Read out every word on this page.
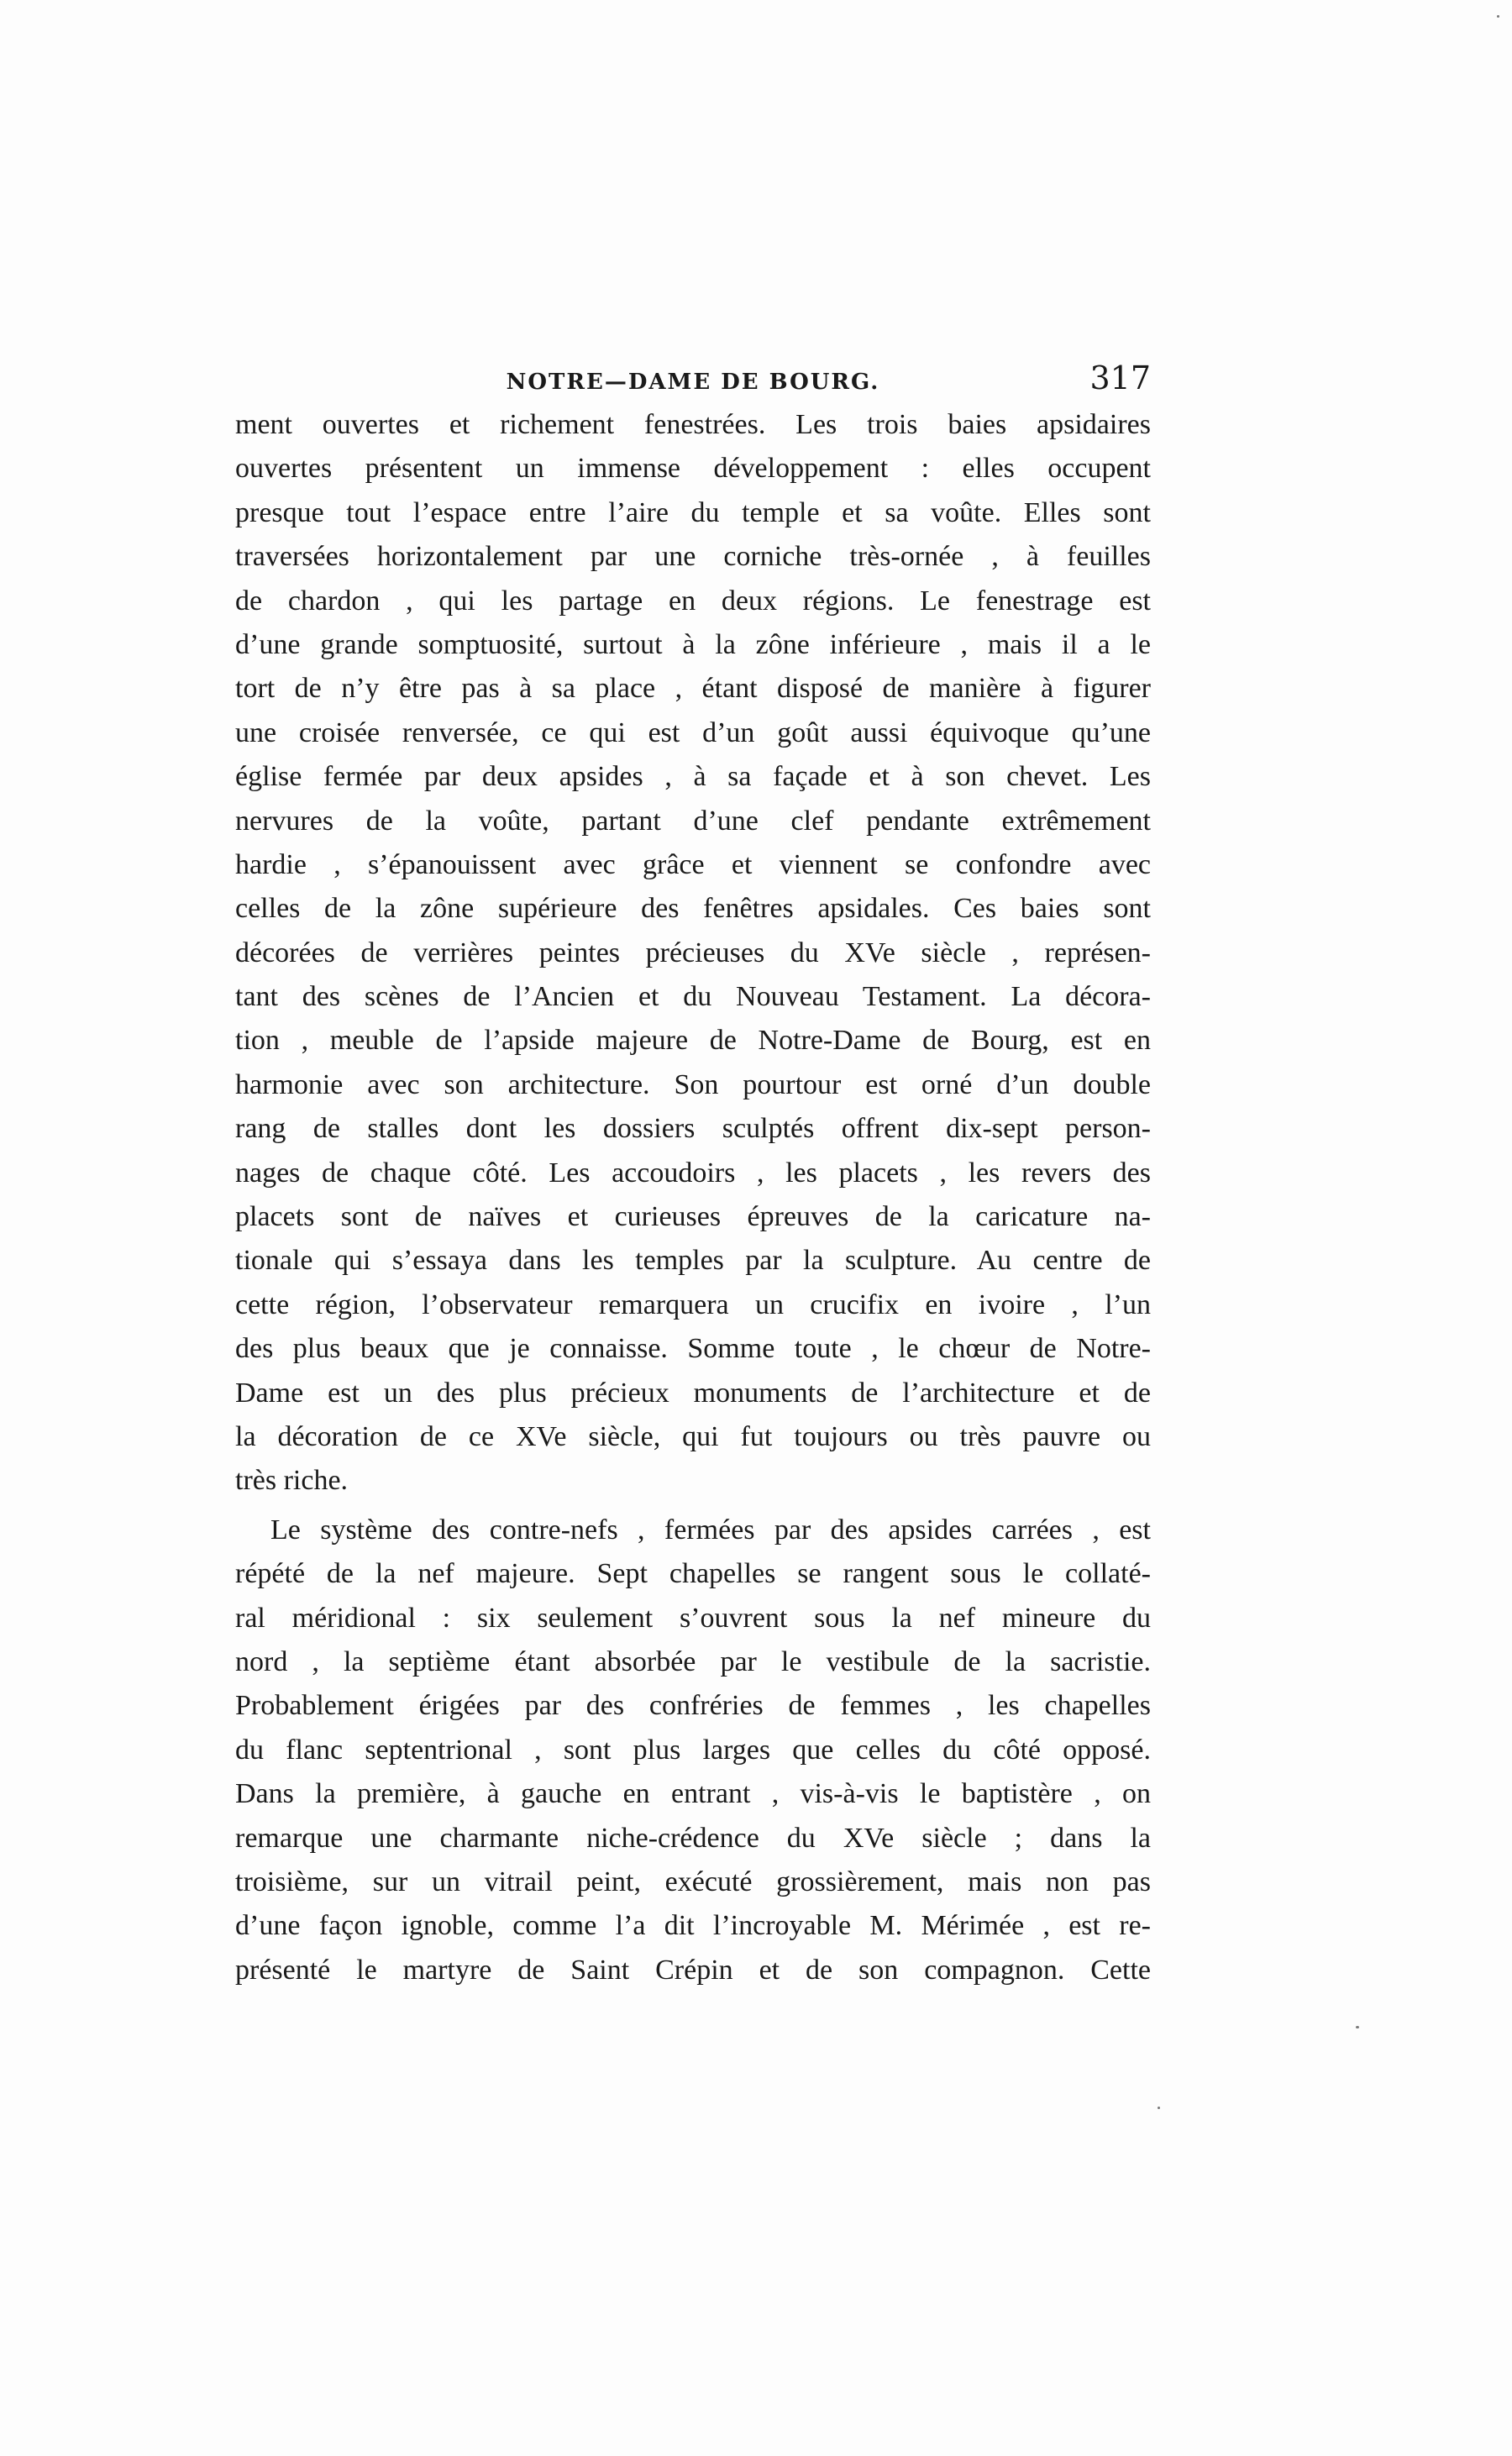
NOTRE—DAME DE BOURG.	317
ment ouvertes et richement fenestrées. Les trois baies apsidaires
ouvertes présentent un immense développement : elles occupent
presque tout l’espace entre l’aire du temple et sa voûte. Elles sont
traversées horizontalement par une corniche très-ornée , à feuilles
de chardon , qui les partage en deux régions. Le fenestrage est
d’une grande somptuosité, surtout à la zône inférieure , mais il a le
tort de n’y être pas à sa place , étant disposé de manière à figurer
une croisée renversée, ce qui est d’un goût aussi équivoque qu’une
église fermée par deux apsides , à sa façade et à son chevet. Les
nervures de la voûte, partant d’une clef pendante extrêmement
hardie , s’épanouissent avec grâce et viennent se confondre avec
celles de la zône supérieure des fenêtres apsidales. Ces baies sont
décorées de verrières peintes précieuses du XVe siècle , représen-
tant des scènes de l’Ancien et du Nouveau Testament. La décora-
tion , meuble de l’apside majeure de Notre-Dame de Bourg, est en
harmonie avec son architecture. Son pourtour est orné d’un double
rang de stalles dont les dossiers sculptés offrent dix-sept person-
nages de chaque côté. Les accoudoirs , les placets , les revers des
placets sont de naïves et curieuses épreuves de la caricature na-
tionale qui s’essaya dans les temples par la sculpture. Au centre de
cette région, l’observateur remarquera un crucifix en ivoire , l’un
des plus beaux que je connaisse. Somme toute , le chœur de Notre-
Dame est un des plus précieux monuments de l’architecture et de
la décoration de ce XVe siècle, qui fut toujours ou très pauvre ou
très riche.
Le système des contre-nefs , fermées par des apsides carrées , est
répété de la nef majeure. Sept chapelles se rangent sous le collaté-
ral méridional : six seulement s’ouvrent sous la nef mineure du
nord , la septième étant absorbée par le vestibule de la sacristie.
Probablement érigées par des confréries de femmes , les chapelles
du flanc septentrional , sont plus larges que celles du côté opposé.
Dans la première, à gauche en entrant , vis-à-vis le baptistère , on
remarque une charmante niche-crédence du XVe siècle ; dans la
troisième, sur un vitrail peint, exécuté grossièrement, mais non pas
d’une façon ignoble, comme l’a dit l’incroyable M. Mérimée , est re-
présenté le martyre de Saint Crépin et de son compagnon. Cette
